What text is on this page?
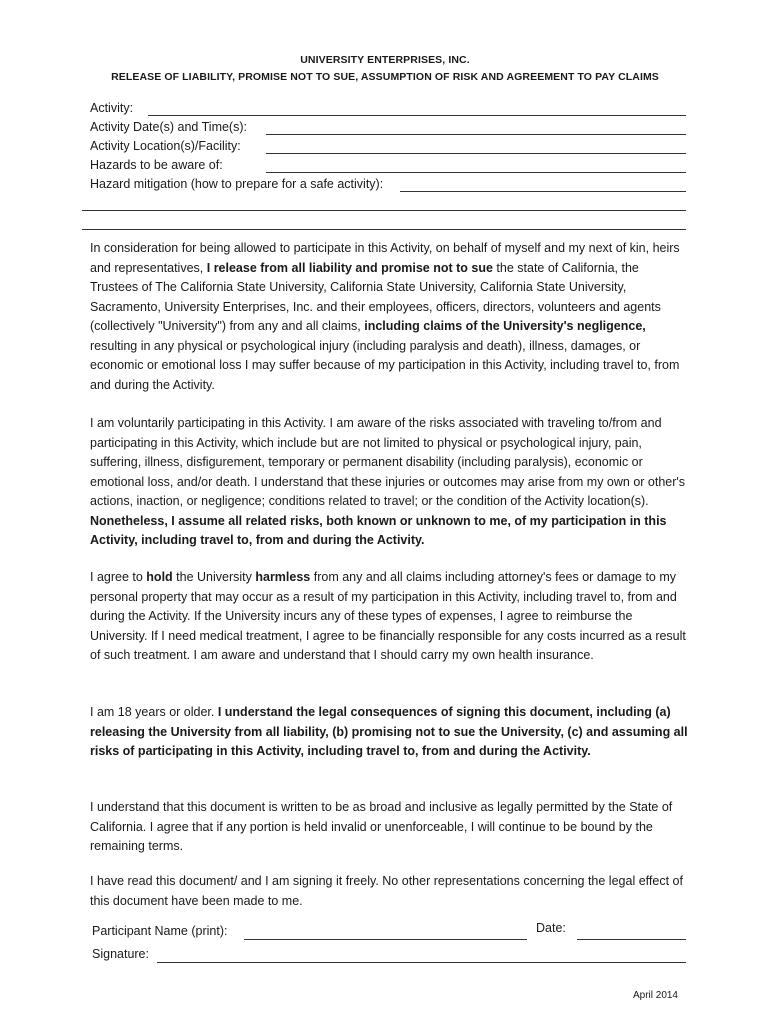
UNIVERSITY ENTERPRISES, INC.
RELEASE OF LIABILITY, PROMISE NOT TO SUE, ASSUMPTION OF RISK AND AGREEMENT TO PAY CLAIMS
Activity:
Activity Date(s) and Time(s):
Activity Location(s)/Facility:
Hazards to be aware of:
Hazard mitigation (how to prepare for a safe activity):
In consideration for being allowed to participate in this Activity, on behalf of myself and my next of kin, heirs and representatives, I release from all liability and promise not to sue the state of California, the Trustees of The California State University, California State University, California State University, Sacramento, University Enterprises, Inc. and their employees, officers, directors, volunteers and agents (collectively "University") from any and all claims, including claims of the University's negligence, resulting in any physical or psychological injury (including paralysis and death), illness, damages, or economic or emotional loss I may suffer because of my participation in this Activity, including travel to, from and during the Activity.
I am voluntarily participating in this Activity. I am aware of the risks associated with traveling to/from and participating in this Activity, which include but are not limited to physical or psychological injury, pain, suffering, illness, disfigurement, temporary or permanent disability (including paralysis), economic or emotional loss, and/or death. I understand that these injuries or outcomes may arise from my own or other's actions, inaction, or negligence; conditions related to travel; or the condition of the Activity location(s). Nonetheless, I assume all related risks, both known or unknown to me, of my participation in this Activity, including travel to, from and during the Activity.
I agree to hold the University harmless from any and all claims including attorney's fees or damage to my personal property that may occur as a result of my participation in this Activity, including travel to, from and during the Activity. If the University incurs any of these types of expenses, I agree to reimburse the University. If I need medical treatment, I agree to be financially responsible for any costs incurred as a result of such treatment. I am aware and understand that I should carry my own health insurance.
I am 18 years or older. I understand the legal consequences of signing this document, including (a) releasing the University from all liability, (b) promising not to sue the University, (c) and assuming all risks of participating in this Activity, including travel to, from and during the Activity.
I understand that this document is written to be as broad and inclusive as legally permitted by the State of California. I agree that if any portion is held invalid or unenforceable, I will continue to be bound by the remaining terms.
I have read this document/ and I am signing it freely. No other representations concerning the legal effect of this document have been made to me.
Participant Name (print):	Date:
Signature:
April 2014
